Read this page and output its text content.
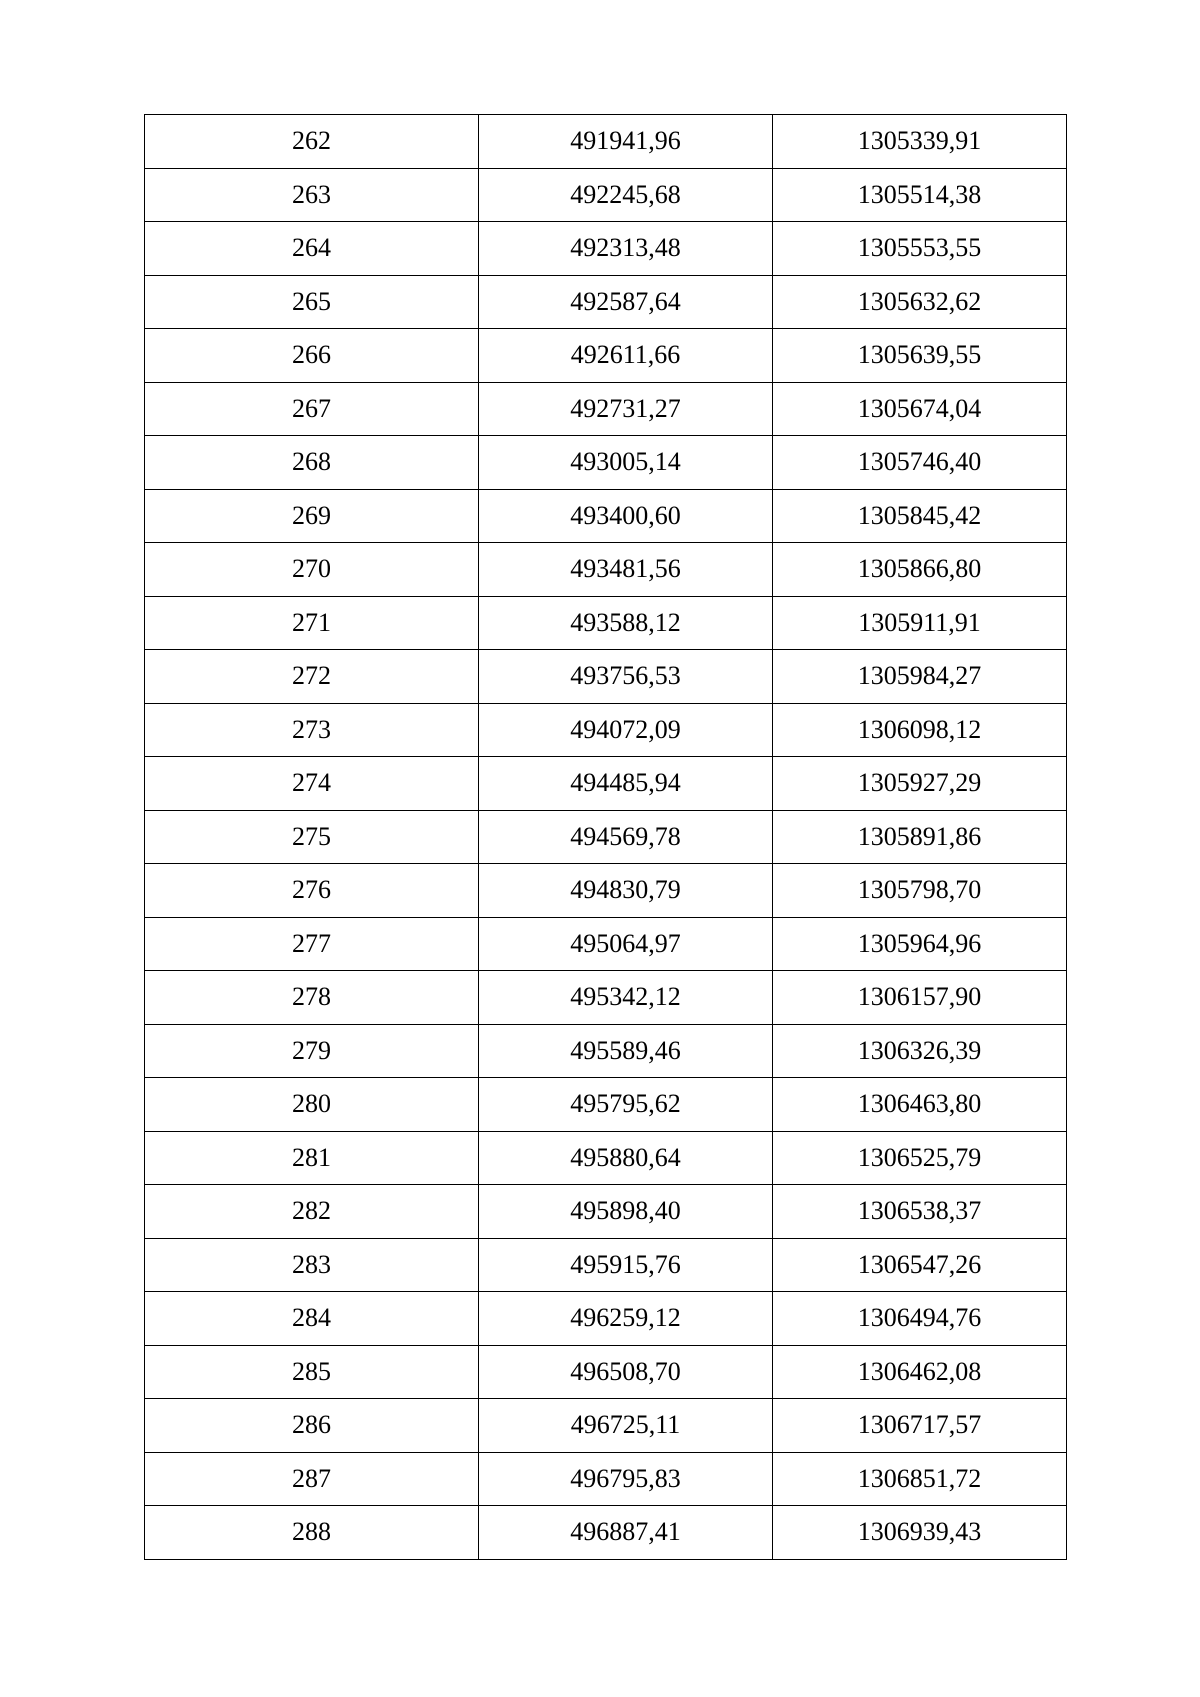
262	491941,96	1305339,91
263	492245,68	1305514,38
264	492313,48	1305553,55
265	492587,64	1305632,62
266	492611,66	1305639,55
267	492731,27	1305674,04
268	493005,14	1305746,40
269	493400,60	1305845,42
270	493481,56	1305866,80
271	493588,12	1305911,91
272	493756,53	1305984,27
273	494072,09	1306098,12
274	494485,94	1305927,29
275	494569,78	1305891,86
276	494830,79	1305798,70
277	495064,97	1305964,96
278	495342,12	1306157,90
279	495589,46	1306326,39
280	495795,62	1306463,80
281	495880,64	1306525,79
282	495898,40	1306538,37
283	495915,76	1306547,26
284	496259,12	1306494,76
285	496508,70	1306462,08
286	496725,11	1306717,57
287	496795,83	1306851,72
288	496887,41	1306939,43
